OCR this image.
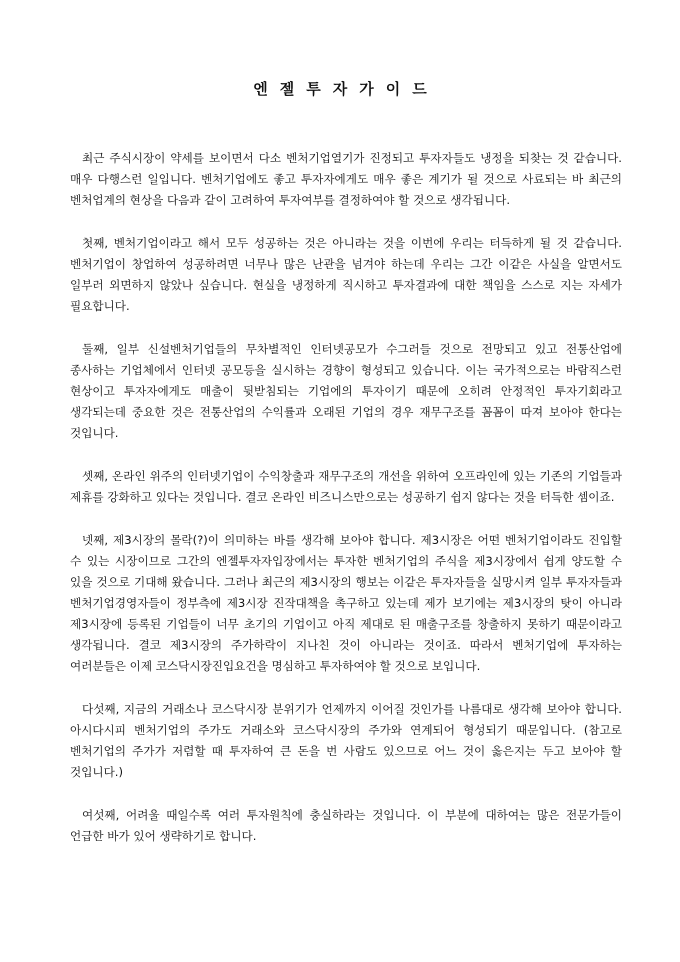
엔젤투자가이드

최근 주식시장이 약세를 보이면서 다소 벤처기업열기가 진정되고 투자자들도 냉정을 되찾는 것 같습니다. 매우 다행스런 일입니다. 벤처기업에도 좋고 투자자에게도 매우 좋은 계기가 될 것으로 사료되는 바 최근의 벤처업계의 현상을 다음과 같이 고려하여 투자여부를 결정하여야 할 것으로 생각됩니다.

첫째, 벤처기업이라고 해서 모두 성공하는 것은 아니라는 것을 이번에 우리는 터득하게 될 것 같습니다. 벤처기업이 창업하여 성공하려면 너무나 많은 난관을 넘겨야 하는데 우리는 그간 이같은 사실을 알면서도 일부러 외면하지 않았나 싶습니다. 현실을 냉정하게 직시하고 투자결과에 대한 책임을 스스로 지는 자세가 필요합니다.

둘째, 일부 신설벤처기업들의 무차별적인 인터넷공모가 수그러들 것으로 전망되고 있고 전통산업에 종사하는 기업체에서 인터넷 공모등을 실시하는 경향이 형성되고 있습니다. 이는 국가적으로는 바람직스런 현상이고 투자자에게도 매출이 뒷받침되는 기업에의 투자이기 때문에 오히려 안정적인 투자기회라고 생각되는데 중요한 것은 전통산업의 수익률과 오래된 기업의 경우 재무구조를 꼼꼼이 따져 보아야 한다는 것입니다.

셋째, 온라인 위주의 인터넷기업이 수익창출과 재무구조의 개선을 위하여 오프라인에 있는 기존의 기업들과 제휴를 강화하고 있다는 것입니다. 결코 온라인 비즈니스만으로는 성공하기 쉽지 않다는 것을 터득한 셈이죠.

넷째, 제3시장의 몰락(?)이 의미하는 바를 생각해 보아야 합니다. 제3시장은 어떤 벤처기업이라도 진입할 수 있는 시장이므로 그간의 엔젤투자자입장에서는 투자한 벤처기업의 주식을 제3시장에서 쉽게 양도할 수 있을 것으로 기대해 왔습니다. 그러나 최근의 제3시장의 행보는 이같은 투자자들을 실망시켜 일부 투자자들과 벤처기업경영자들이 정부측에 제3시장 진작대책을 촉구하고 있는데 제가 보기에는 제3시장의 탓이 아니라 제3시장에 등록된 기업들이 너무 초기의 기업이고 아직 제대로 된 매출구조를 창출하지 못하기 때문이라고 생각됩니다. 결코 제3시장의 주가하락이 지나친 것이 아니라는 것이죠. 따라서 벤처기업에 투자하는 여러분들은 이제 코스닥시장진입요건을 명심하고 투자하여야 할 것으로 보입니다.

다섯째, 지금의 거래소나 코스닥시장 분위기가 언제까지 이어질 것인가를 나름대로 생각해 보아야 합니다. 아시다시피 벤처기업의 주가도 거래소와 코스닥시장의 주가와 연계되어 형성되기 때문입니다. (참고로 벤처기업의 주가가 저렴할 때 투자하여 큰 돈을 번 사람도 있으므로 어느 것이 옳은지는 두고 보아야 할 것입니다.)

여섯째, 어려울 때일수록 여러 투자원칙에 충실하라는 것입니다. 이 부분에 대하여는 많은 전문가들이 언급한 바가 있어 생략하기로 합니다.
